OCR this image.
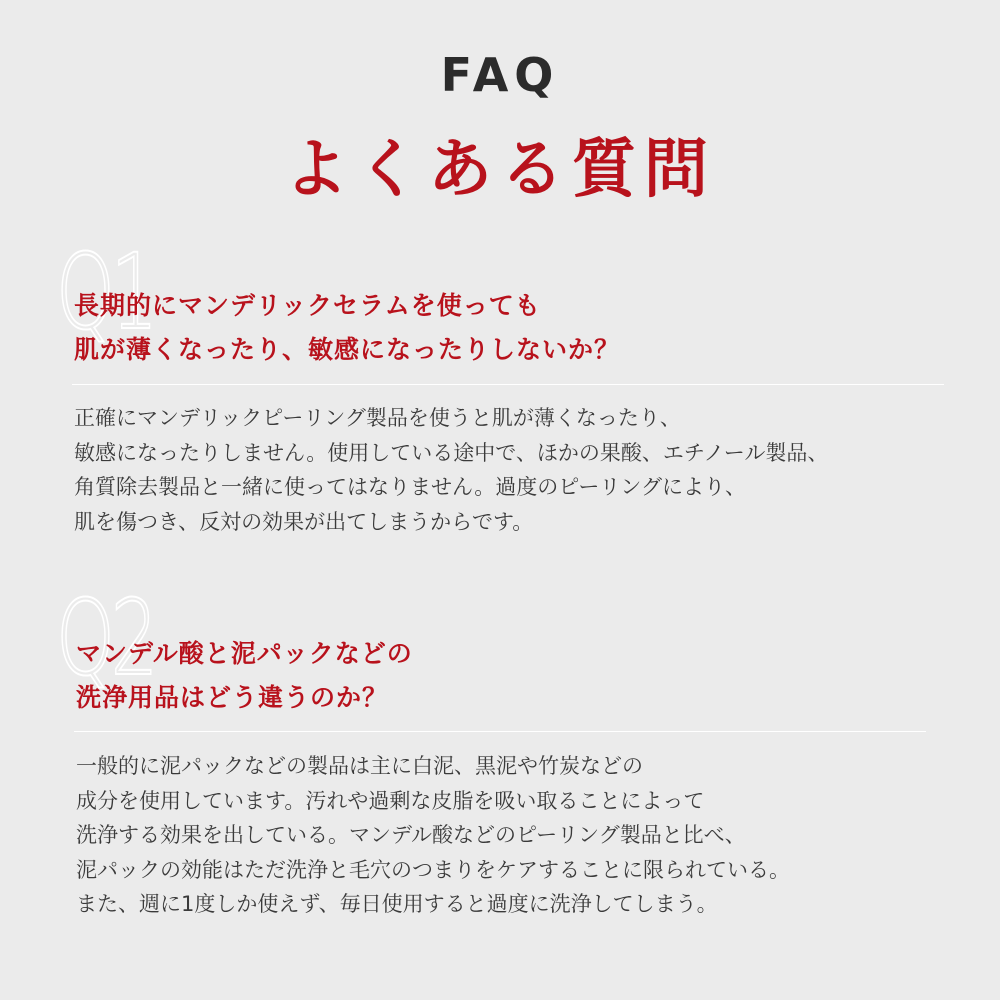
FAQ
よくある質問
Q1
長期的にマンデリックセラムを使っても
肌が薄くなったり、敏感になったりしないか？
正確にマンデリックピーリング製品を使うと肌が薄くなったり、
敏感になったりしません。使用している途中で、ほかの果酸、エチノール製品、
角質除去製品と一緒に使ってはなりません。過度のピーリングにより、
肌を傷つき、反対の効果が出てしまうからです。
Q2
マンデル酸と泥パックなどの
洗浄用品はどう違うのか？
一般的に泥パックなどの製品は主に白泥、黒泥や竹炭などの
成分を使用しています。汚れや過剰な皮脂を吸い取ることによって
洗浄する効果を出している。マンデル酸などのピーリング製品と比べ、
泥パックの効能はただ洗浄と毛穴のつまりをケアすることに限られている。
また、週に1度しか使えず、毎日使用すると過度に洗浄してしまう。
